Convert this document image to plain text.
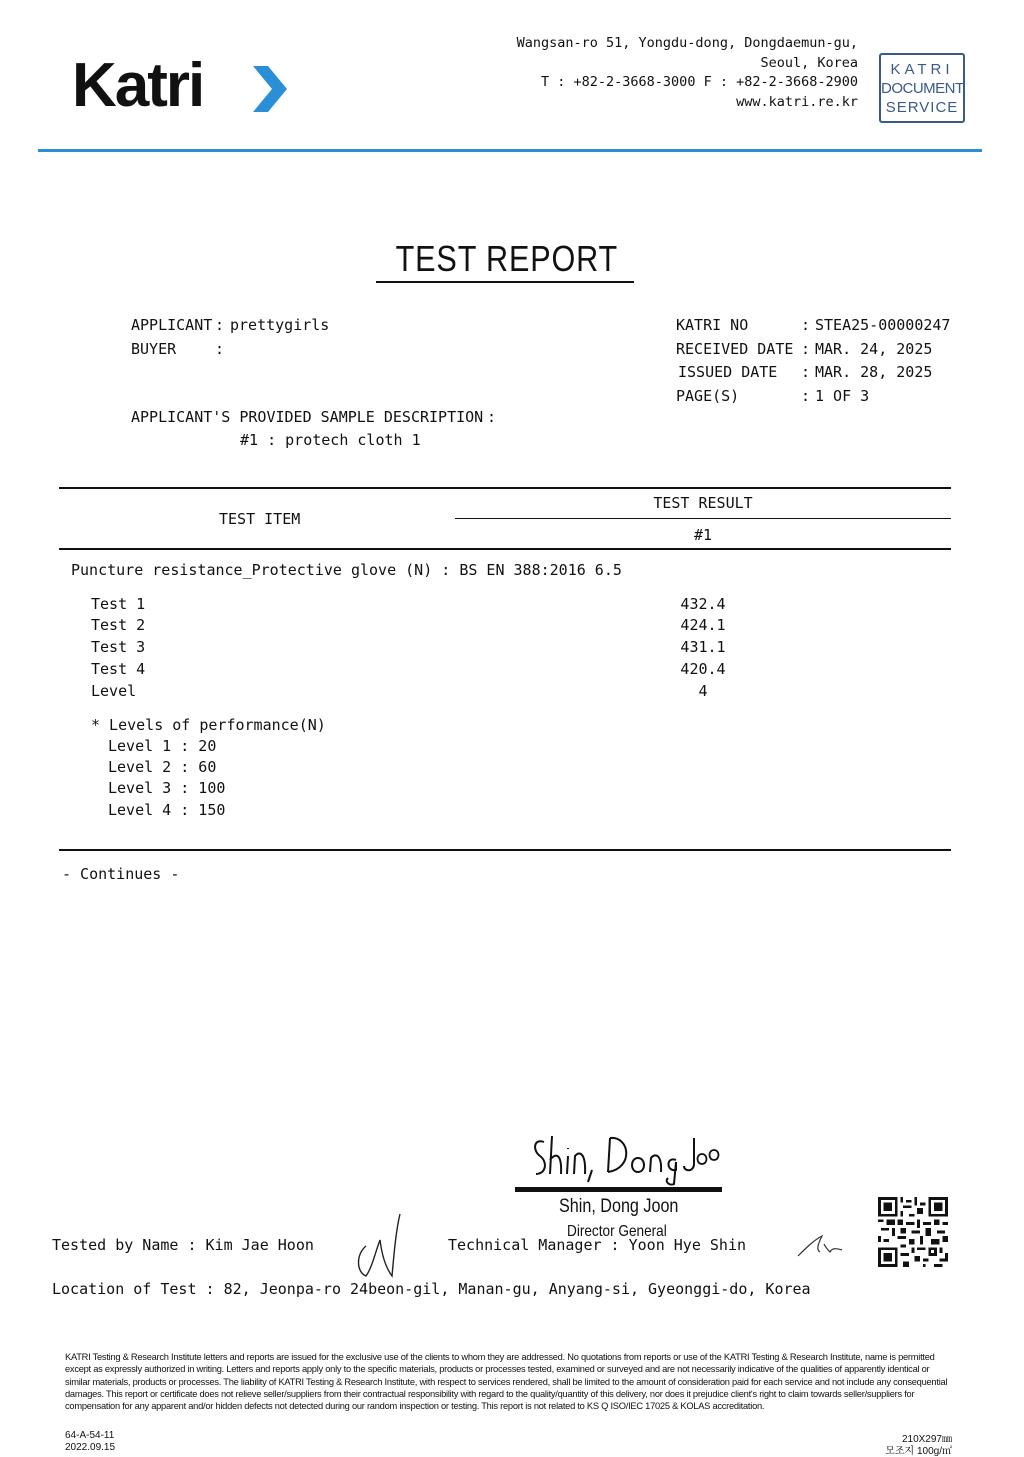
Katri
Wangsan-ro 51, Yongdu-dong, Dongdaemun-gu,
Seoul, Korea
T : +82-2-3668-3000 F : +82-2-3668-2900
www.katri.re.kr
KATRI
DOCUMENT
SERVICE
TEST REPORT
APPLICANT : prettygirls
BUYER	:
APPLICANT'S PROVIDED SAMPLE DESCRIPTION :
#1 : protech cloth 1
KATRI NO	: STEA25-00000247
RECEIVED DATE : MAR. 24, 2025
ISSUED DATE : MAR. 28, 2025
PAGE(S)	: 1 OF 3
TEST ITEM
TEST RESULT
#1
Puncture resistance_Protective glove (N) : BS EN 388:2016 6.5
Test 1	432.4
Test 2	424.1
Test 3	431.1
Test 4	420.4
Level	4
* Levels of performance(N)
Level 1 : 20
Level 2 : 60
Level 3 : 100
Level 4 : 150
- Continues -
Shin, Dong Joon
Director General
Tested by Name : Kim Jae Hoon	Technical Manager : Yoon Hye Shin
Location of Test : 82, Jeonpa-ro 24beon-gil, Manan-gu, Anyang-si, Gyeonggi-do, Korea
KATRI Testing & Research Institute letters and reports are issued for the exclusive use of the clients to whom they are addressed. No quotations from reports or use of the KATRI Testing & Research Institute, name is permitted except as expressly authorized in writing. Letters and reports apply only to the specific materials, products or processes tested, examined or surveyed and are not necessarily indicative of the qualities of apparently identical or similar materials, products or processes. The liability of KATRI Testing & Research Institute, with respect to services rendered, shall be limited to the amount of consideration paid for each service and not include any consequential damages. This report or certificate does not relieve seller/suppliers from their contractual responsibility with regard to the quality/quantity of this delivery, nor does it prejudice client's right to claim towards seller/suppliers for compensation for any apparent and/or hidden defects not detected during our random inspection or testing. This report is not related to KS Q ISO/IEC 17025 & KOLAS accreditation.
64-A-54-11
2022.09.15
210X297㎜
모조지 100g/㎡
